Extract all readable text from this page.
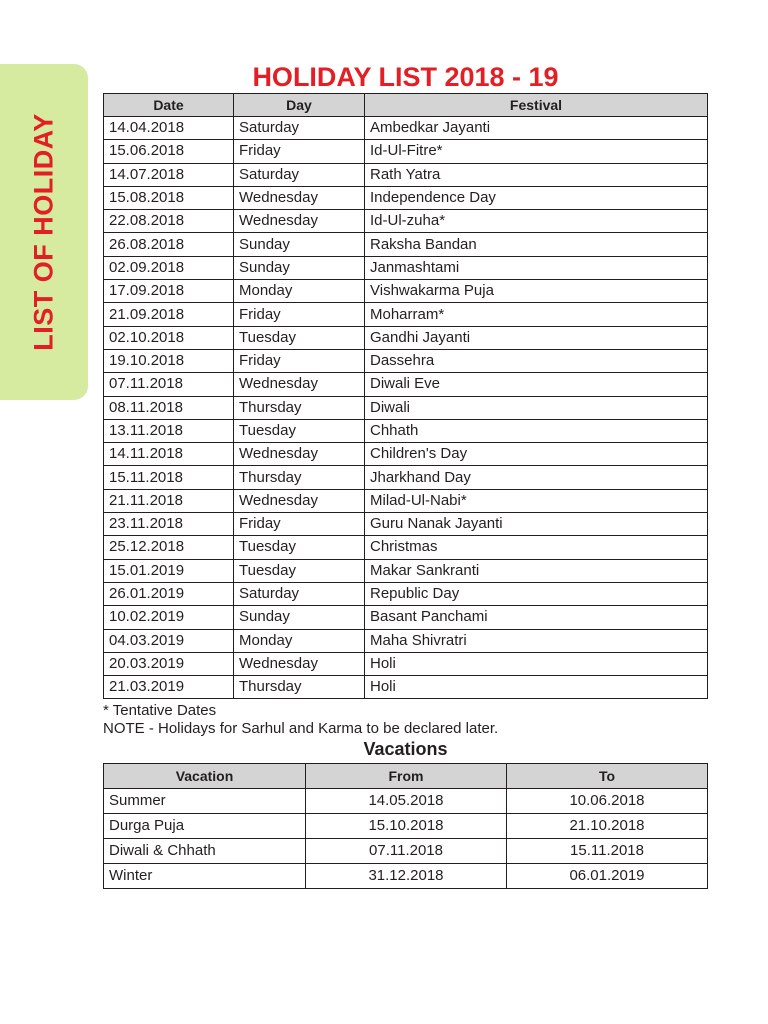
LIST OF HOLIDAY
HOLIDAY LIST 2018 - 19
Date	Day	Festival
14.04.2018	Saturday	Ambedkar Jayanti
15.06.2018	Friday	Id-Ul-Fitre*
14.07.2018	Saturday	Rath Yatra
15.08.2018	Wednesday	Independence Day
22.08.2018	Wednesday	Id-Ul-zuha*
26.08.2018	Sunday	Raksha Bandan
02.09.2018	Sunday	Janmashtami
17.09.2018	Monday	Vishwakarma Puja
21.09.2018	Friday	Moharram*
02.10.2018	Tuesday	Gandhi Jayanti
19.10.2018	Friday	Dassehra
07.11.2018	Wednesday	Diwali Eve
08.11.2018	Thursday	Diwali
13.11.2018	Tuesday	Chhath
14.11.2018	Wednesday	Children's Day
15.11.2018	Thursday	Jharkhand Day
21.11.2018	Wednesday	Milad-Ul-Nabi*
23.11.2018	Friday	Guru Nanak Jayanti
25.12.2018	Tuesday	Christmas
15.01.2019	Tuesday	Makar Sankranti
26.01.2019	Saturday	Republic Day
10.02.2019	Sunday	Basant Panchami
04.03.2019	Monday	Maha Shivratri
20.03.2019	Wednesday	Holi
21.03.2019	Thursday	Holi
* Tentative Dates
NOTE - Holidays for Sarhul and Karma to be declared later.
Vacations
Vacation	From	To
Summer	14.05.2018	10.06.2018
Durga Puja	15.10.2018	21.10.2018
Diwali & Chhath	07.11.2018	15.11.2018
Winter	31.12.2018	06.01.2019
